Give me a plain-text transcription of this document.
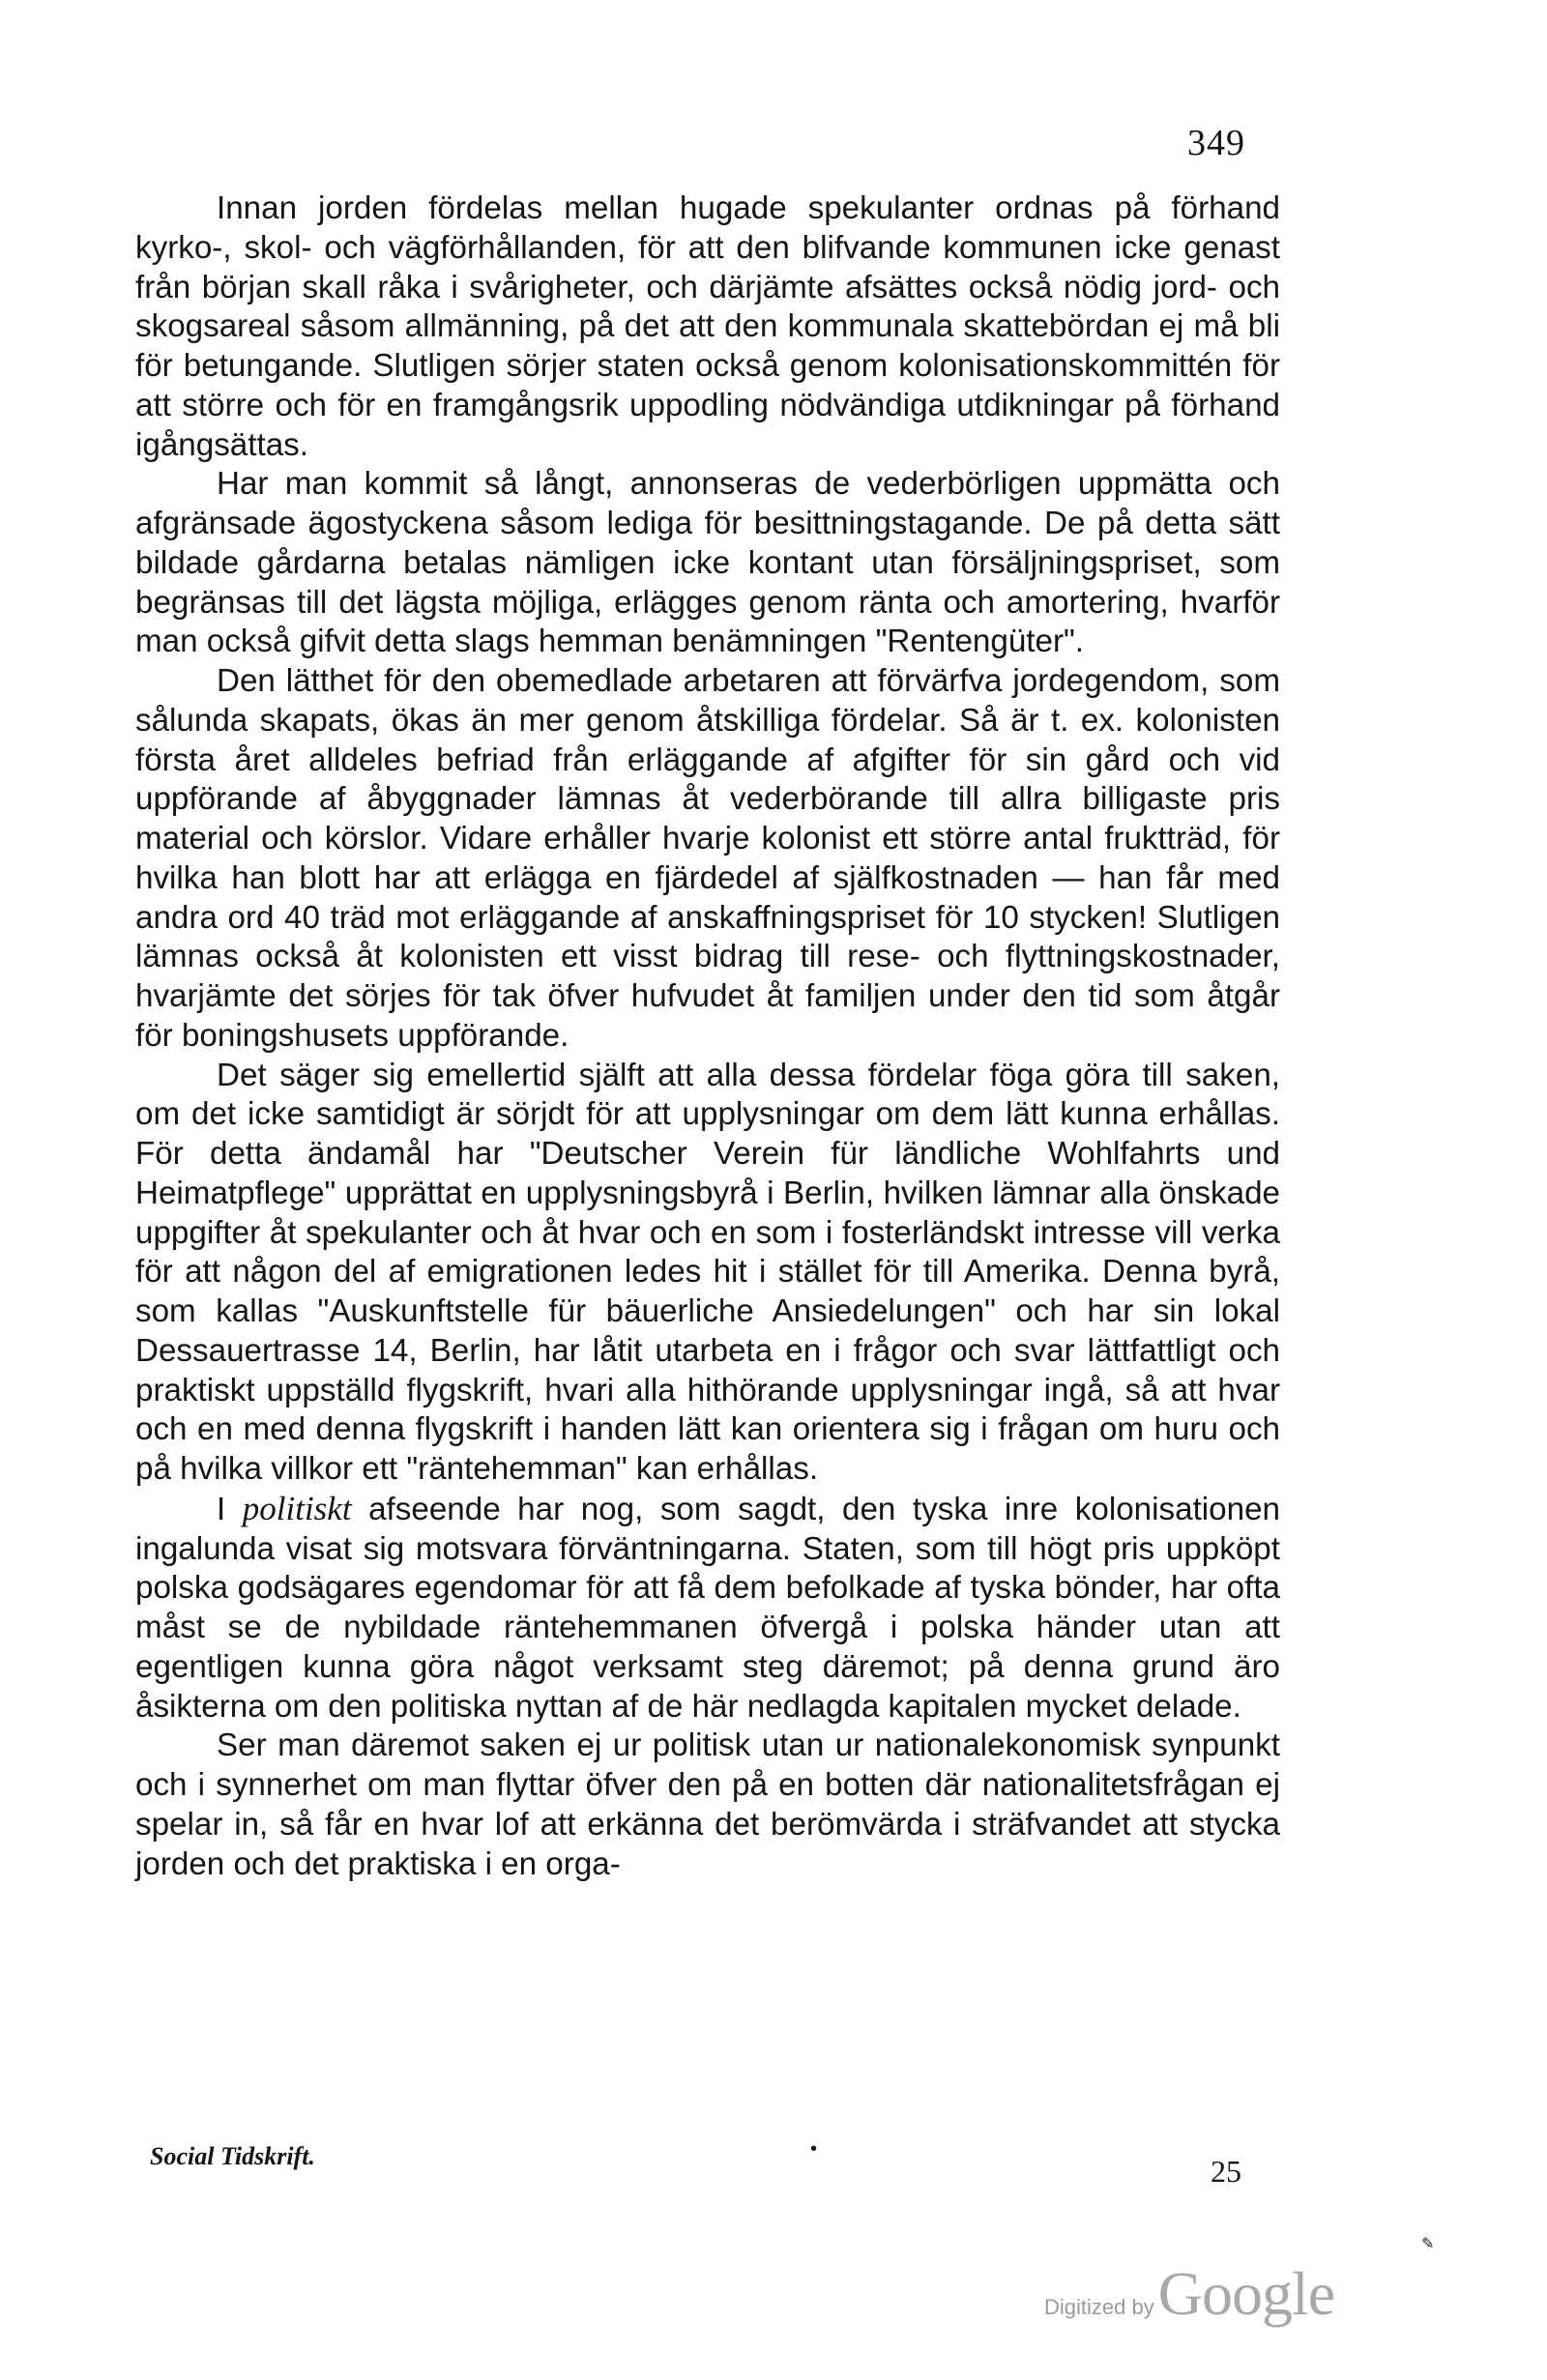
349

Innan jorden fördelas mellan hugade spekulanter ordnas på förhand kyrko-, skol- och vägförhållanden, för att den blifvande kommunen icke genast från början skall råka i svårigheter, och därjämte afsättes också nödig jord- och skogsareal såsom allmänning, på det att den kommunala skattebördan ej må bli för betungande. Slutligen sörjer staten också genom kolonisationskommittén för att större och för en framgångsrik uppodling nödvändiga utdikningar på förhand igångsättas.

Har man kommit så långt, annonseras de vederbörligen uppmätta och afgränsade ägostyckena såsom lediga för besittningstagande. De på detta sätt bildade gårdarna betalas nämligen icke kontant utan försäljningspriset, som begränsas till det lägsta möjliga, erlägges genom ränta och amortering, hvarför man också gifvit detta slags hemman benämningen "Rentengüter".

Den lätthet för den obemedlade arbetaren att förvärfva jordegendom, som sålunda skapats, ökas än mer genom åtskilliga fördelar. Så är t. ex. kolonisten första året alldeles befriad från erläggande af afgifter för sin gård och vid uppförande af åbyggnader lämnas åt vederbörande till allra billigaste pris material och körslor. Vidare erhåller hvarje kolonist ett större antal fruktträd, för hvilka han blott har att erlägga en fjärdedel af själfkostnaden — han får med andra ord 40 träd mot erläggande af anskaffningspriset för 10 stycken! Slutligen lämnas också åt kolonisten ett visst bidrag till rese- och flyttningskostnader, hvarjämte det sörjes för tak öfver hufvudet åt familjen under den tid som åtgår för boningshusets uppförande.

Det säger sig emellertid själft att alla dessa fördelar föga göra till saken, om det icke samtidigt är sörjdt för att upplysningar om dem lätt kunna erhållas. För detta ändamål har "Deutscher Verein für ländliche Wohlfahrts und Heimatpflege" upprättat en upplysningsbyrå i Berlin, hvilken lämnar alla önskade uppgifter åt spekulanter och åt hvar och en som i fosterländskt intresse vill verka för att någon del af emigrationen ledes hit i stället för till Amerika. Denna byrå, som kallas "Auskunftstelle für bäuerliche Ansiedelungen" och har sin lokal Dessauertrasse 14, Berlin, har låtit utarbeta en i frågor och svar lättfattligt och praktiskt uppställd flygskrift, hvari alla hithörande upplysningar ingå, så att hvar och en med denna flygskrift i handen lätt kan orientera sig i frågan om huru och på hvilka villkor ett "räntehemman" kan erhållas.

I politiskt afseende har nog, som sagdt, den tyska inre kolonisationen ingalunda visat sig motsvara förväntningarna. Staten, som till högt pris uppköpt polska godsägares egendomar för att få dem befolkade af tyska bönder, har ofta måst se de nybildade räntehemmanen öfvergå i polska händer utan att egentligen kunna göra något verksamt steg däremot; på denna grund äro åsikterna om den politiska nyttan af de här nedlagda kapitalen mycket delade.

Ser man däremot saken ej ur politisk utan ur nationalekonomisk synpunkt och i synnerhet om man flyttar öfver den på en botten där nationalitetsfrågan ej spelar in, så får en hvar lof att erkänna det berömvärda i sträfvandet att stycka jorden och det praktiska i en orga-

Social Tidskrift.	•
25
✎
Digitized by Google
